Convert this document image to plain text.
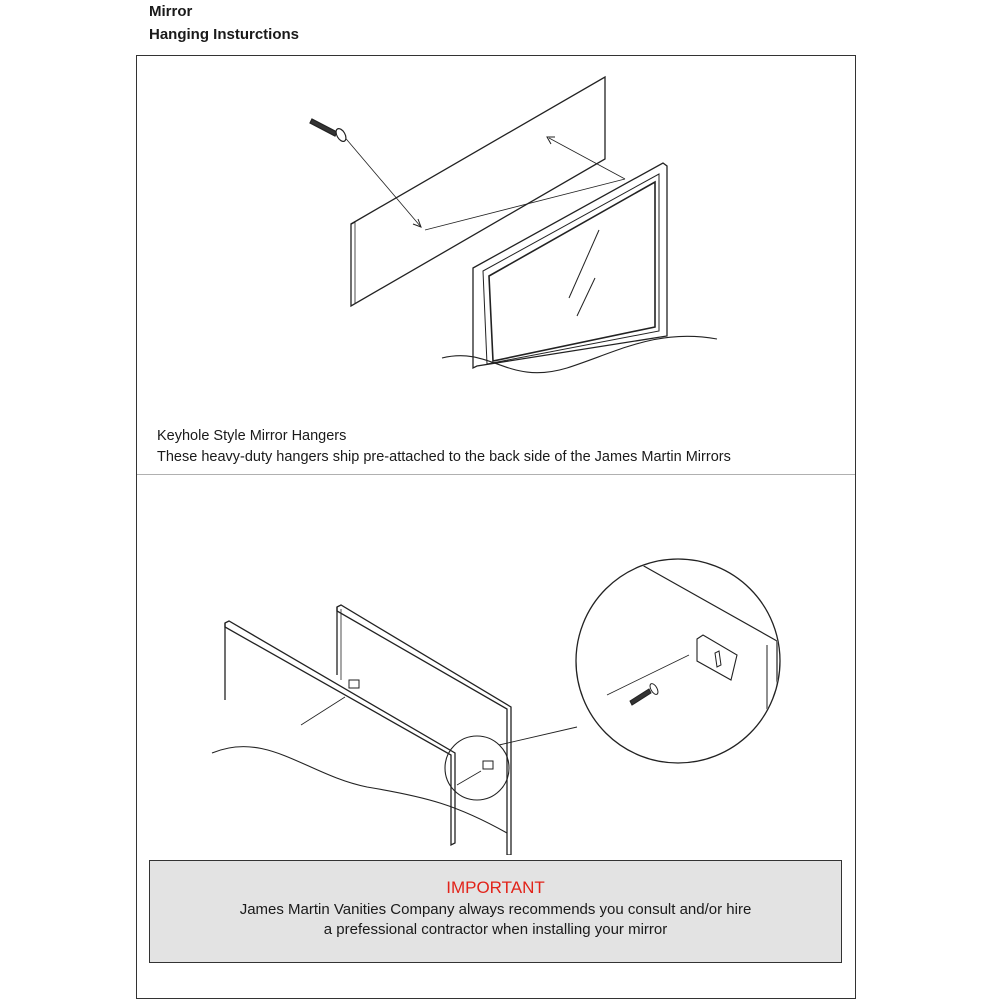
Mirror
Hanging Insturctions
Keyhole Style Mirror Hangers
These heavy-duty hangers ship pre-attached to the back side of the James Martin Mirrors
IMPORTANT
James Martin Vanities Company always recommends you consult and/or hire
a prefessional contractor when installing your mirror
